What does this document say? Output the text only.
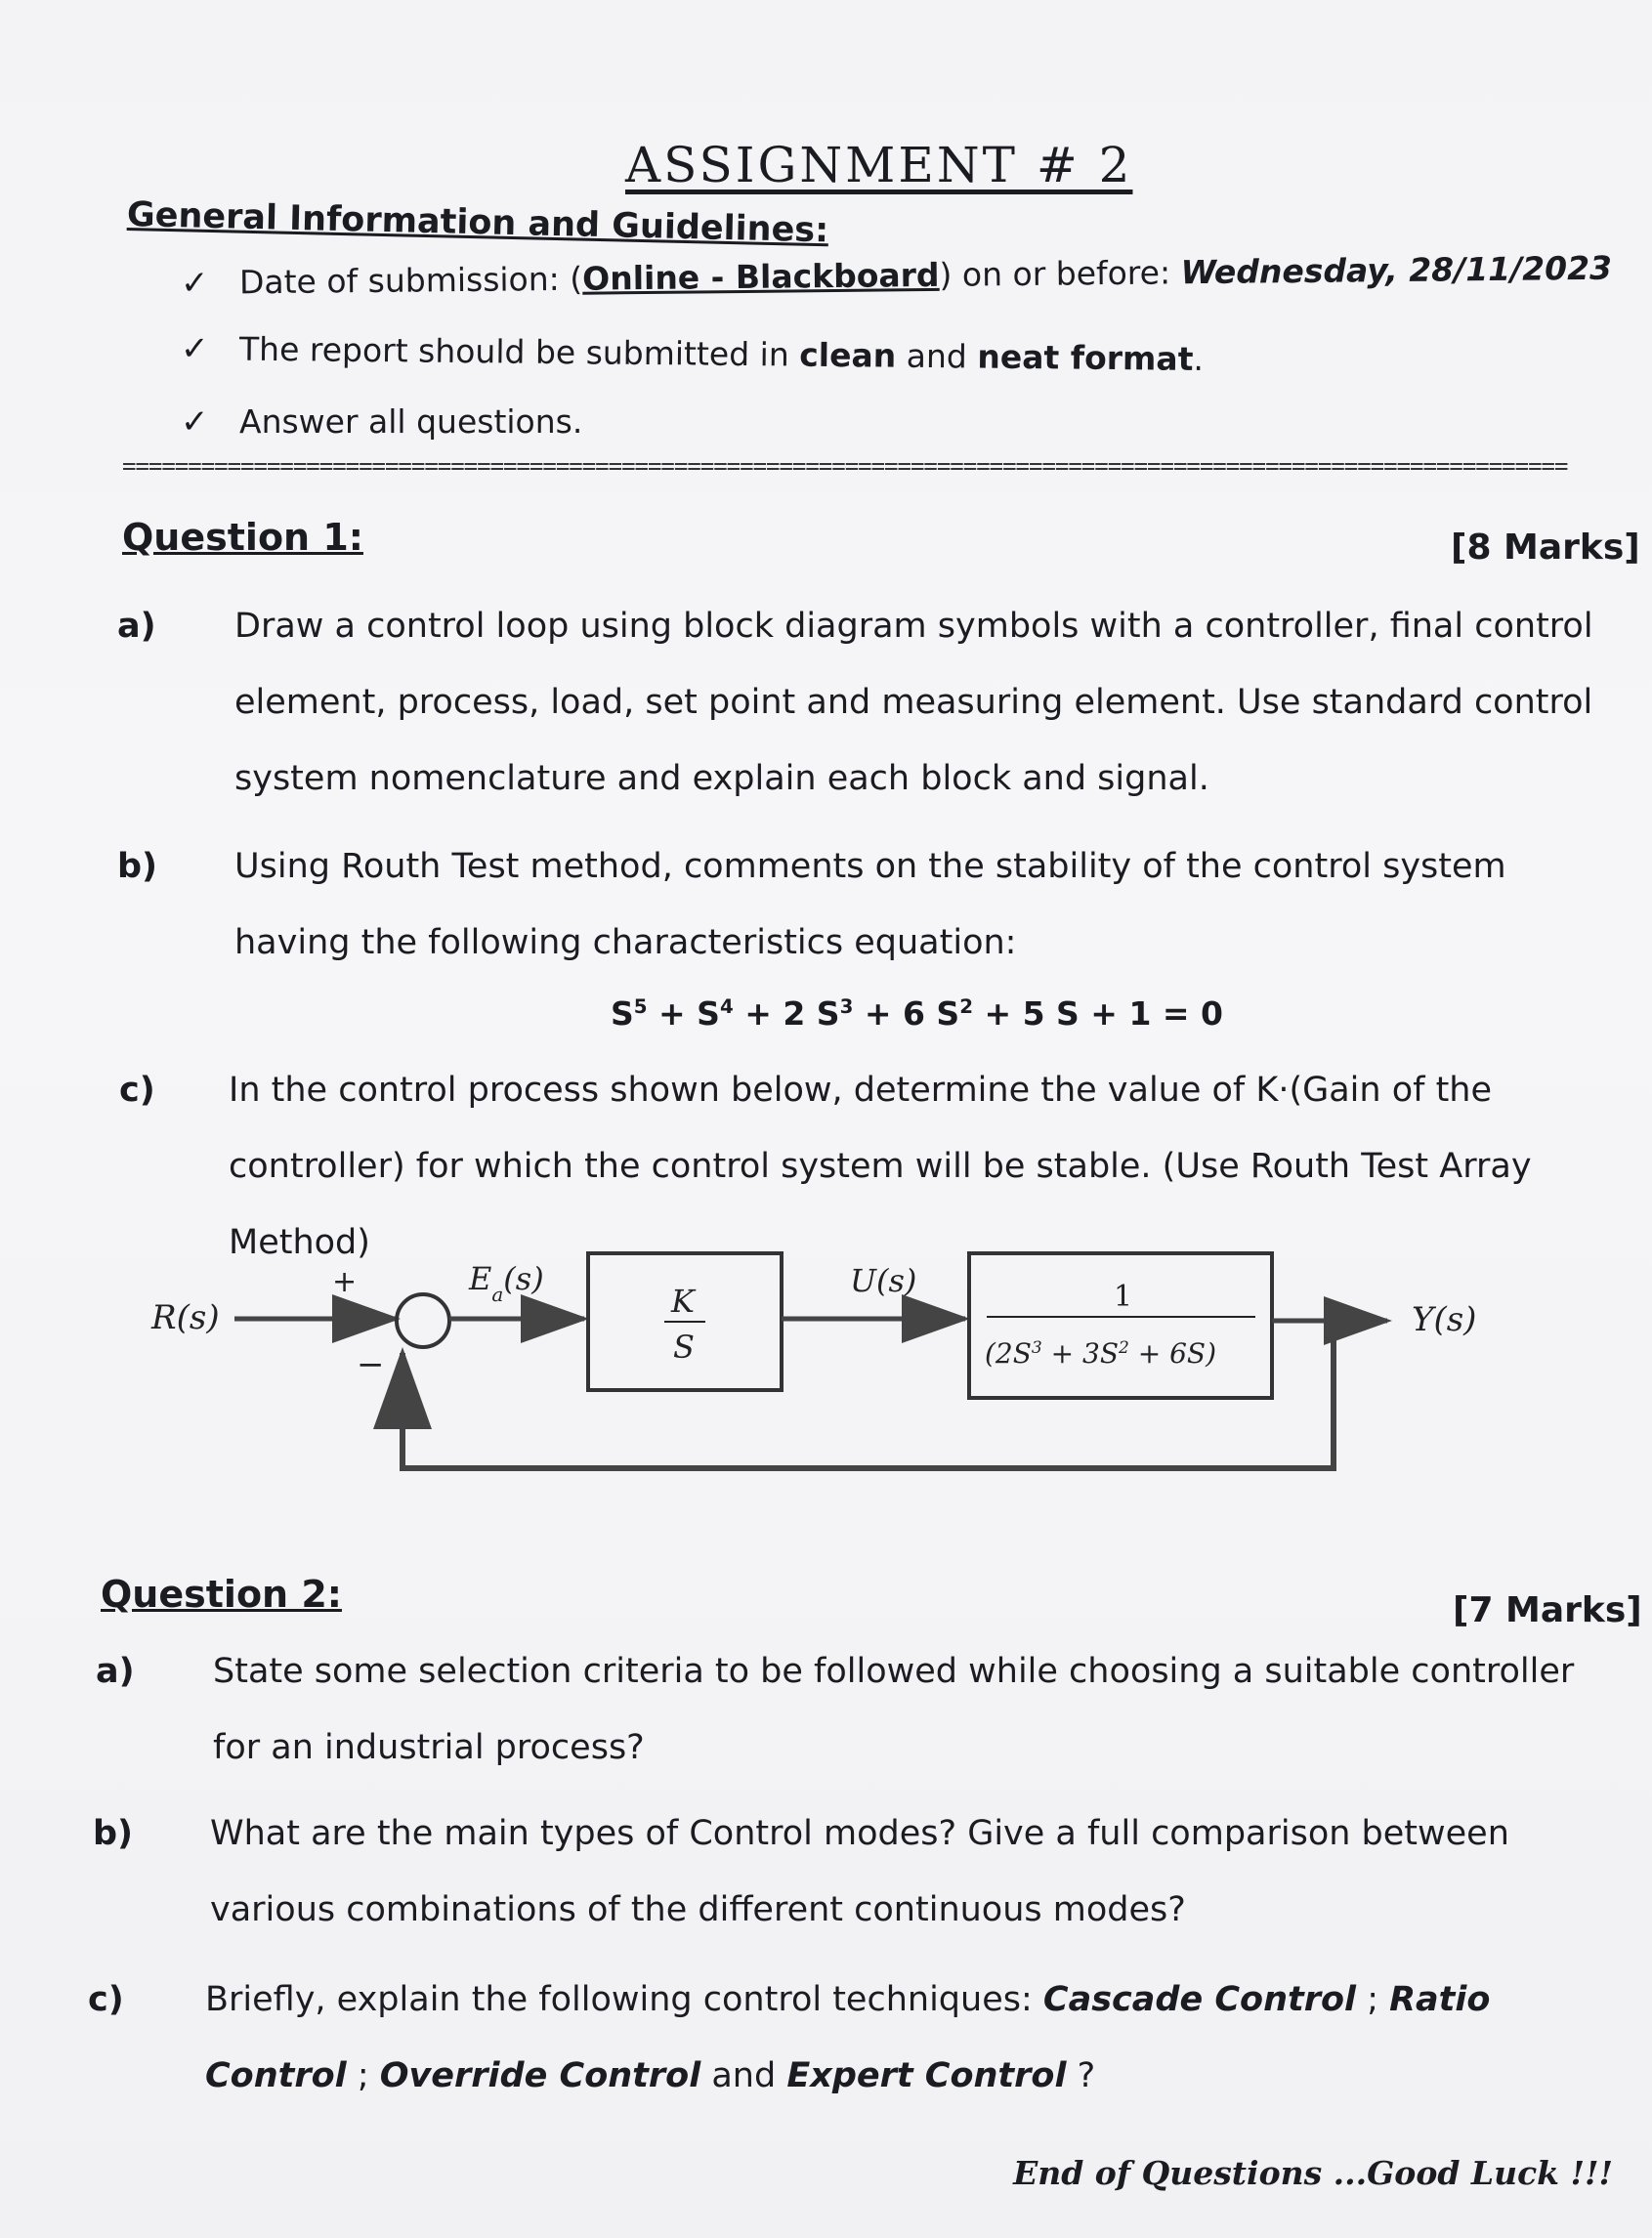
ASSIGNMENT # 2
General Information and Guidelines:
✓ Date of submission: (Online - Blackboard) on or before: Wednesday, 28/11/2023
✓ The report should be submitted in clean and neat format.
✓ Answer all questions.
==============================================================================================================
Question 1:	[8 Marks]
a) Draw a control loop using block diagram symbols with a controller, final control element, process, load, set point and measuring element. Use standard control system nomenclature and explain each block and signal.
b) Using Routh Test method, comments on the stability of the control system having the following characteristics equation:
$S^5 + S^4 + 2$ $S^3 + 6$ $S^2 + 5$ S + 1 = 0
c) In the control process shown below, determine the value of K·(Gain of the controller) for which the control system will be stable. (Use Routh Test Array Method)
R(s)
+
−
$E_a(s)$
K
S
U(s)	1
$(2S^3 + 3S^2 + 6S)$
Y(s)
Question 2:	[7 Marks]
a) State some selection criteria to be followed while choosing a suitable controller for an industrial process?
b) What are the main types of Control modes? Give a full comparison between various combinations of the different continuous modes?
c) Briefly, explain the following control techniques: Cascade Control ; Ratio Control ; Override Control and Expert Control ?
End of Questions ...Good Luck !!!
